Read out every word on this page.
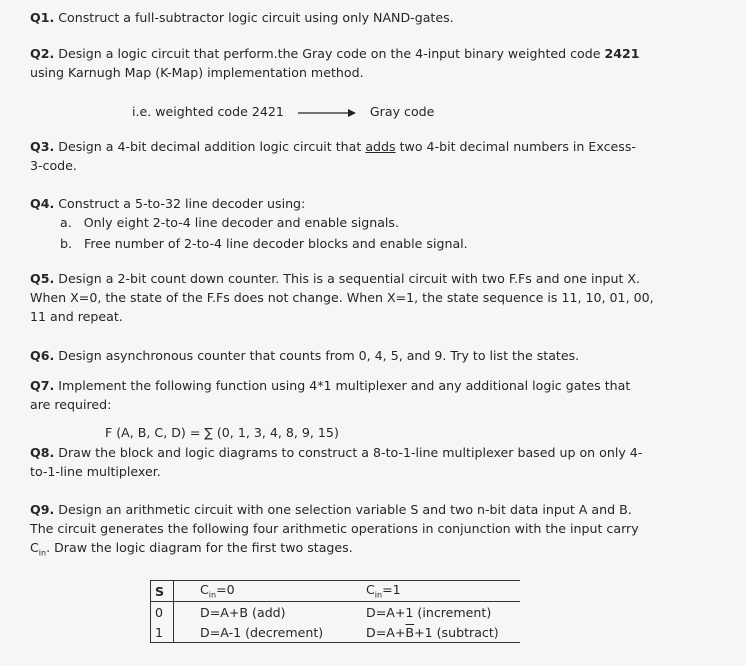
Q1. Construct a full-subtractor logic circuit using only NAND-gates.
Q2. Design a logic circuit that perform.the Gray code on the 4-input binary weighted code 2421
using Karnugh Map (K-Map) implementation method.
i.e. weighted code 2421	Gray code
Q3. Design a 4-bit decimal addition logic circuit that adds two 4-bit decimal numbers in Excess-
3-code.
Q4. Construct a 5-to-32 line decoder using:
a. Only eight 2-to-4 line decoder and enable signals.
b. Free number of 2-to-4 line decoder blocks and enable signal.
Q5. Design a 2-bit count down counter. This is a sequential circuit with two F.Fs and one input X.
When X=0, the state of the F.Fs does not change. When X=1, the state sequence is 11, 10, 01, 00,
11 and repeat.
Q6. Design asynchronous counter that counts from 0, 4, 5, and 9. Try to list the states.
Q7. Implement the following function using 4*1 multiplexer and any additional logic gates that
are required:
F (A, B, C, D) = ∑ (0, 1, 3, 4, 8, 9, 15)
Q8. Draw the block and logic diagrams to construct a 8-to-1-line multiplexer based up on only 4-
to-1-line multiplexer.
Q9. Design an arithmetic circuit with one selection variable S and two n-bit data input A and B.
The circuit generates the following four arithmetic operations in conjunction with the input carry
$C_{in}$. Draw the logic diagram for the first two stages.
S	$C_{in}=0$	$C_{in}=1$
0	D=A+B (add)	D=A+1 (increment)
1	D=A-1 (decrement)	$D=A+\overline{B}+1$ (subtract)
